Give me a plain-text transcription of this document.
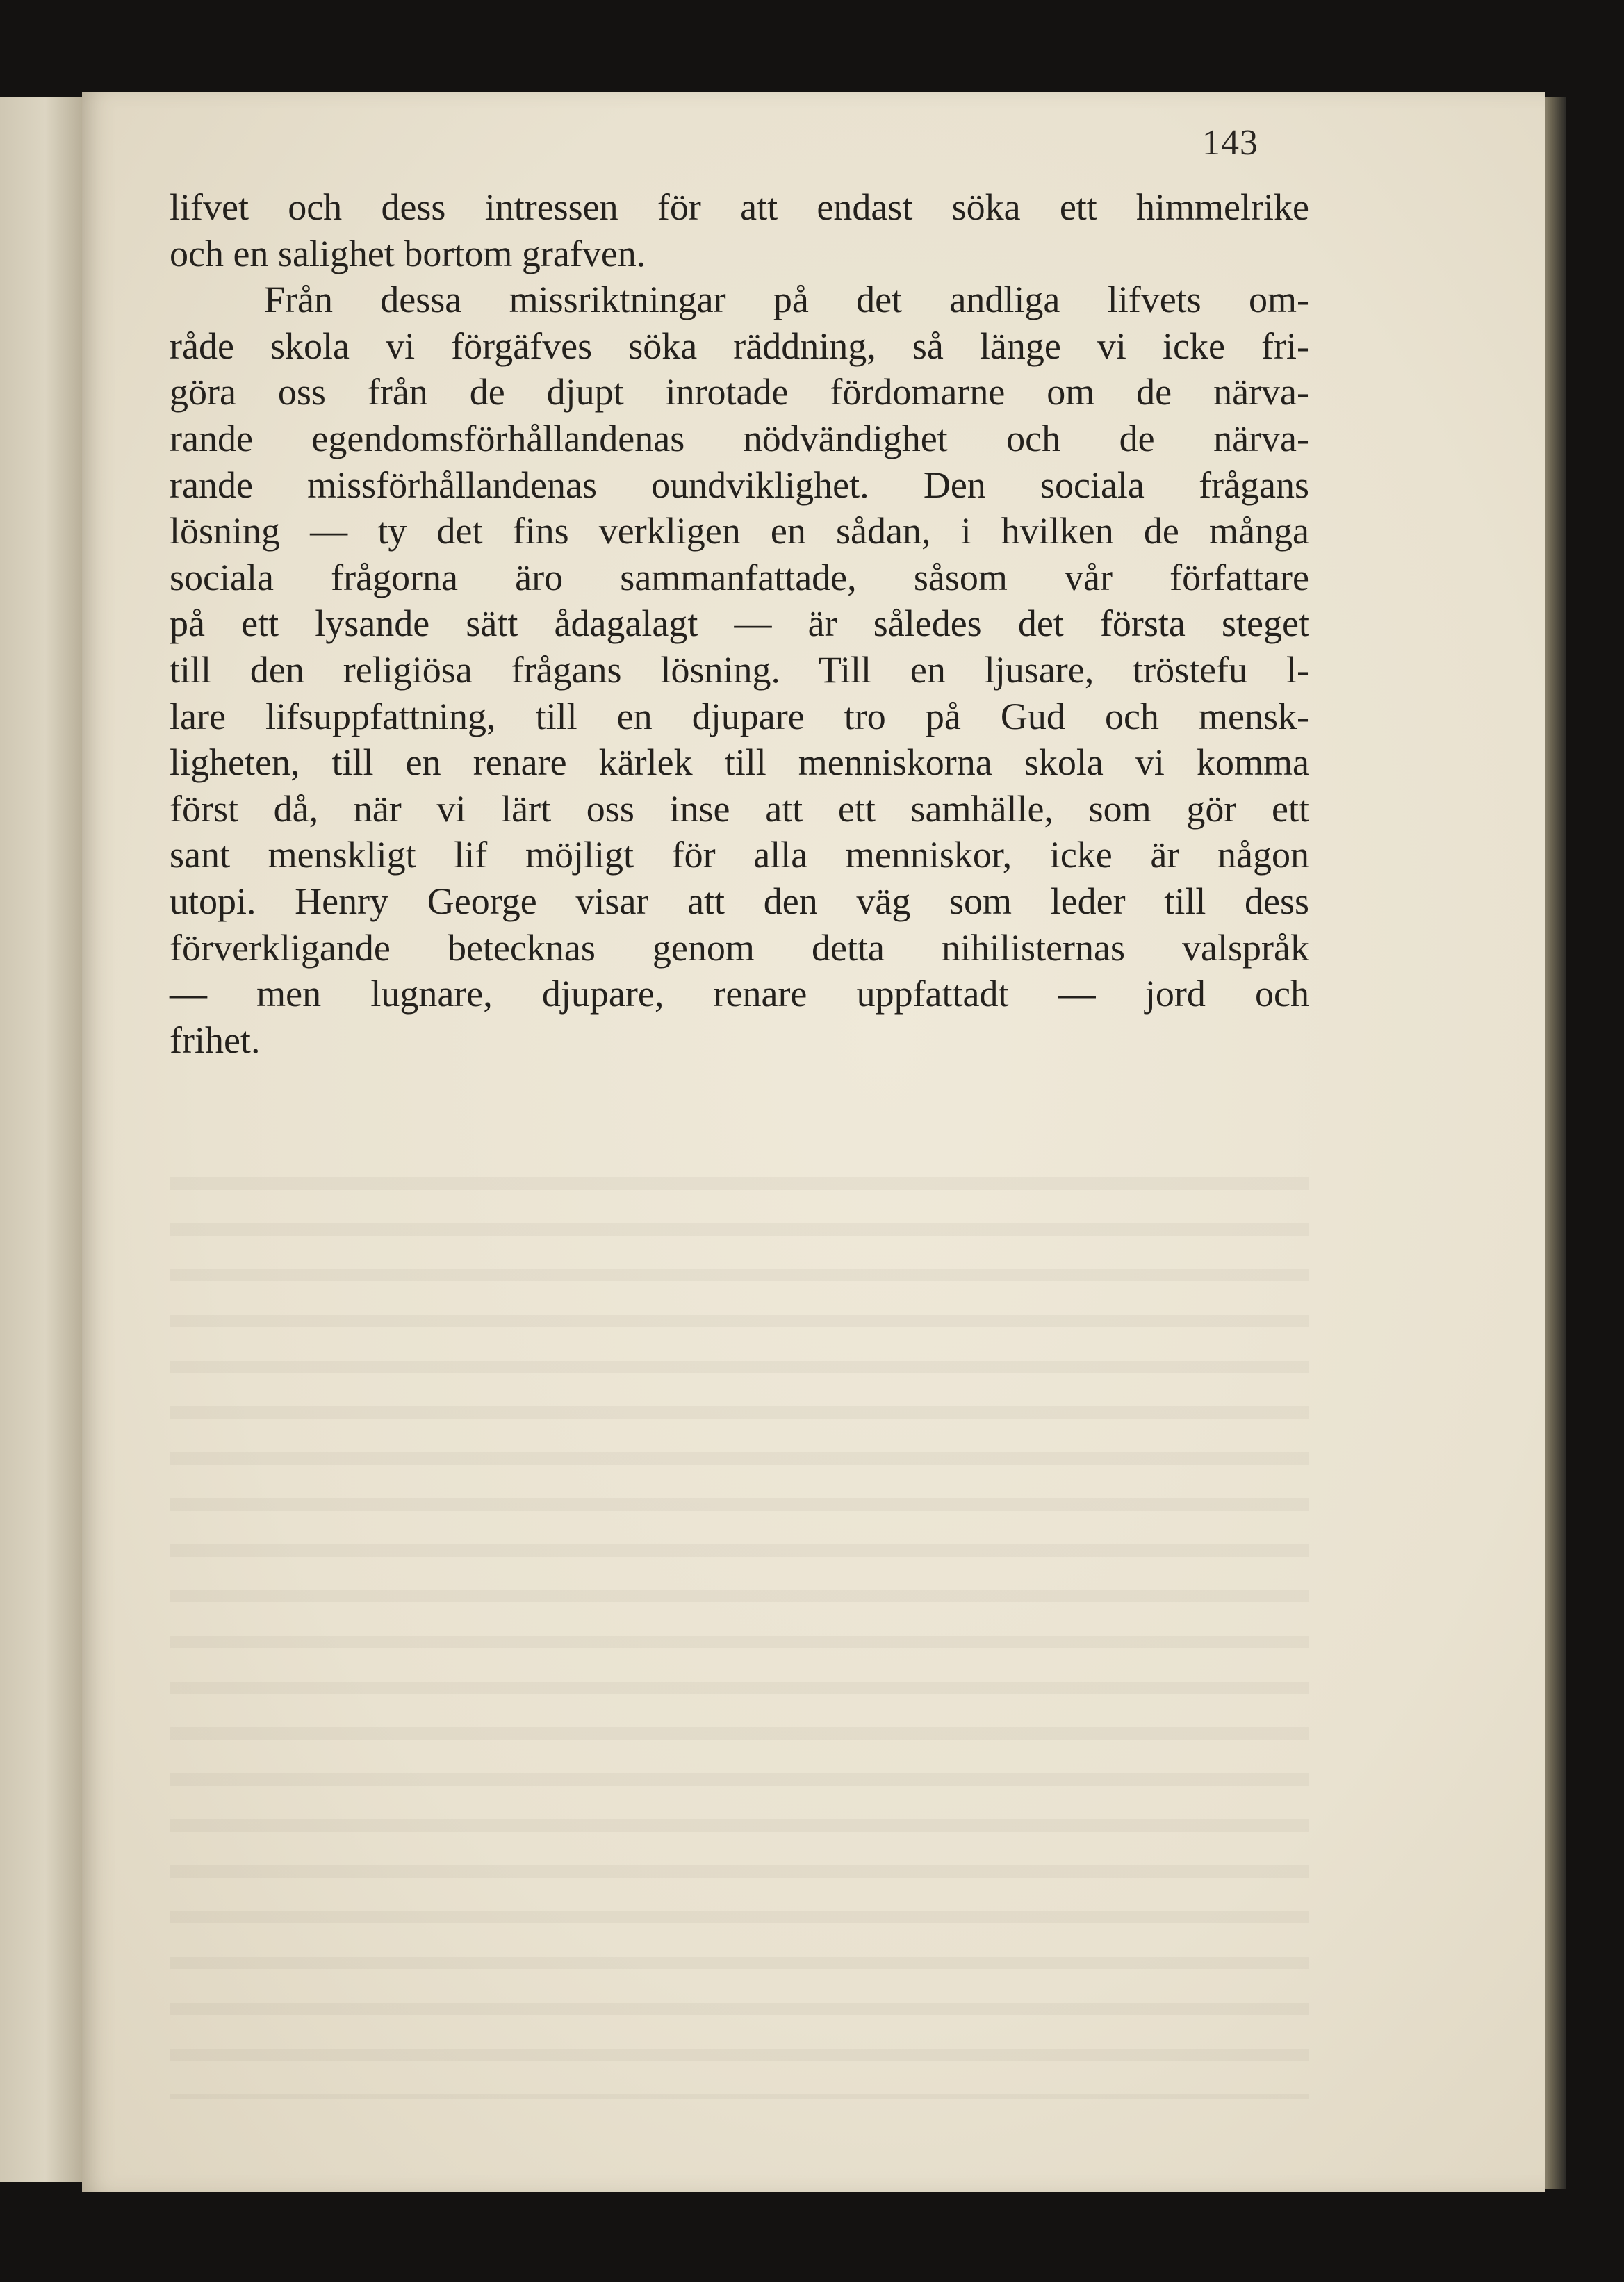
143
lifvet och dess intressen för att endast söka ett himmelrike
och en salighet bortom grafven.
Från dessa missriktningar på det andliga lifvets om-
råde skola vi förgäfves söka räddning, så länge vi icke fri-
göra oss från de djupt inrotade fördomarne om de närva-
rande egendomsförhållandenas nödvändighet och de närva-
rande missförhållandenas oundviklighet. Den sociala frågans
lösning — ty det fins verkligen en sådan, i hvilken de många
sociala frågorna äro sammanfattade, såsom vår författare
på ett lysande sätt ådagalagt — är således det första steget
till den religiösa frågans lösning. Till en ljusare, tröstefu l-
lare lifsuppfattning, till en djupare tro på Gud och mensk-
ligheten, till en renare kärlek till menniskorna skola vi komma
först då, när vi lärt oss inse att ett samhälle, som gör ett
sant menskligt lif möjligt för alla menniskor, icke är någon
utopi. Henry George visar att den väg som leder till dess
förverkligande betecknas genom detta nihilisternas valspråk
— men lugnare, djupare, renare uppfattadt — jord och
frihet.
